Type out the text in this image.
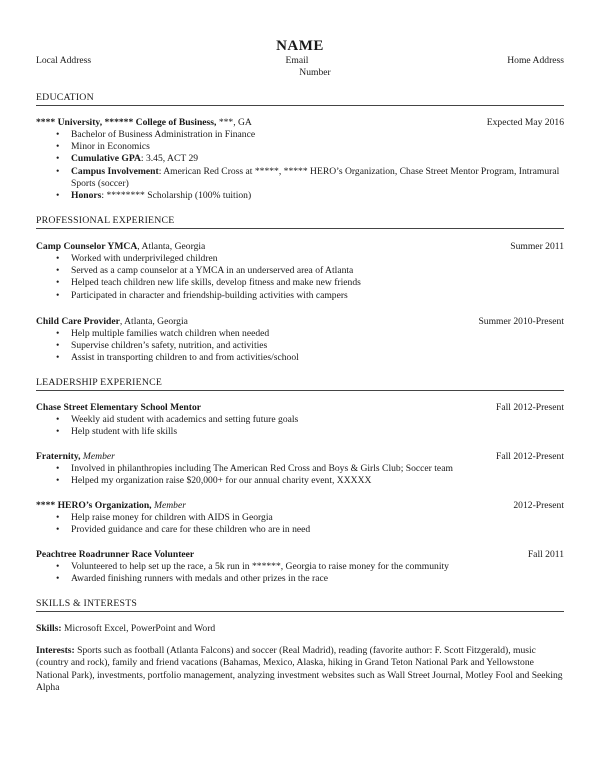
NAME
Local Address	Email
Number
Home Address
EDUCATION
**** University, ****** College of Business, ***, GA	Expected May 2016
• Bachelor of Business Administration in Finance
• Minor in Economics
• Cumulative GPA: 3.45, ACT 29
• Campus Involvement: American Red Cross at *****, ***** HERO’s Organization, Chase Street Mentor Program, Intramural Sports (soccer)
• Honors: ******** Scholarship (100% tuition)
PROFESSIONAL EXPERIENCE
Camp Counselor YMCA, Atlanta, Georgia	Summer 2011
• Worked with underprivileged children
• Served as a camp counselor at a YMCA in an underserved area of Atlanta
• Helped teach children new life skills, develop fitness and make new friends
• Participated in character and friendship-building activities with campers
Child Care Provider, Atlanta, Georgia	Summer 2010-Present
• Help multiple families watch children when needed
• Supervise children’s safety, nutrition, and activities
• Assist in transporting children to and from activities/school
LEADERSHIP EXPERIENCE
Chase Street Elementary School Mentor	Fall 2012-Present
• Weekly aid student with academics and setting future goals
• Help student with life skills
Fraternity, Member	Fall 2012-Present
• Involved in philanthropies including The American Red Cross and Boys & Girls Club; Soccer team
• Helped my organization raise $20,000+ for our annual charity event, XXXXX
**** HERO’s Organization, Member	2012-Present
• Help raise money for children with AIDS in Georgia
• Provided guidance and care for these children who are in need
Peachtree Roadrunner Race Volunteer	Fall 2011
• Volunteered to help set up the race, a 5k run in ******, Georgia to raise money for the community
• Awarded finishing runners with medals and other prizes in the race
SKILLS & INTERESTS
Skills: Microsoft Excel, PowerPoint and Word
Interests: Sports such as football (Atlanta Falcons) and soccer (Real Madrid), reading (favorite author: F. Scott Fitzgerald), music (country and rock), family and friend vacations (Bahamas, Mexico, Alaska, hiking in Grand Teton National Park and Yellowstone National Park), investments, portfolio management, analyzing investment websites such as Wall Street Journal, Motley Fool and Seeking Alpha
